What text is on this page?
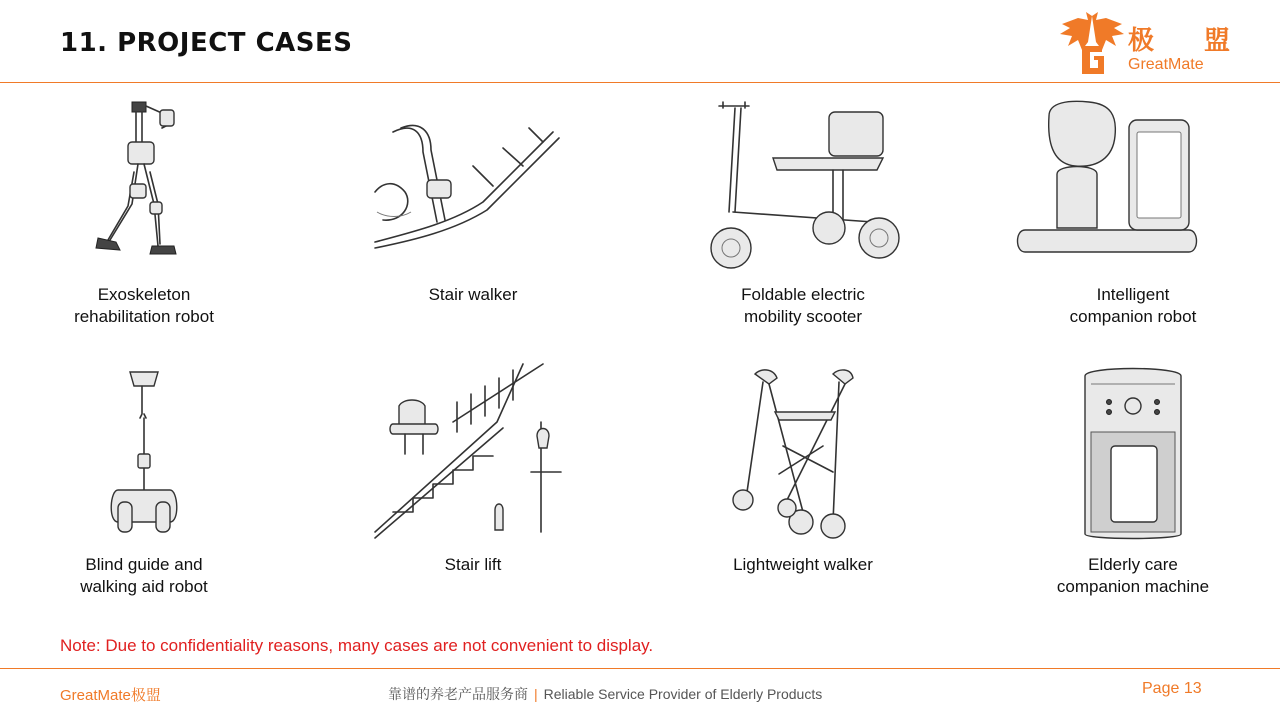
11. PROJECT CASES	极 盟
GreatMate
Exoskeleton
rehabilitation robot
Stair walker	Foldable electric
mobility scooter
Intelligent
companion robot
Blind guide and
walking aid robot
Stair lift	Lightweight walker	Elderly care
companion machine
Note: Due to confidentiality reasons, many cases are not convenient to display.
GreatMate极盟	靠谱的养老产品服务商 | Reliable Service Provider of Elderly Products	Page 13
